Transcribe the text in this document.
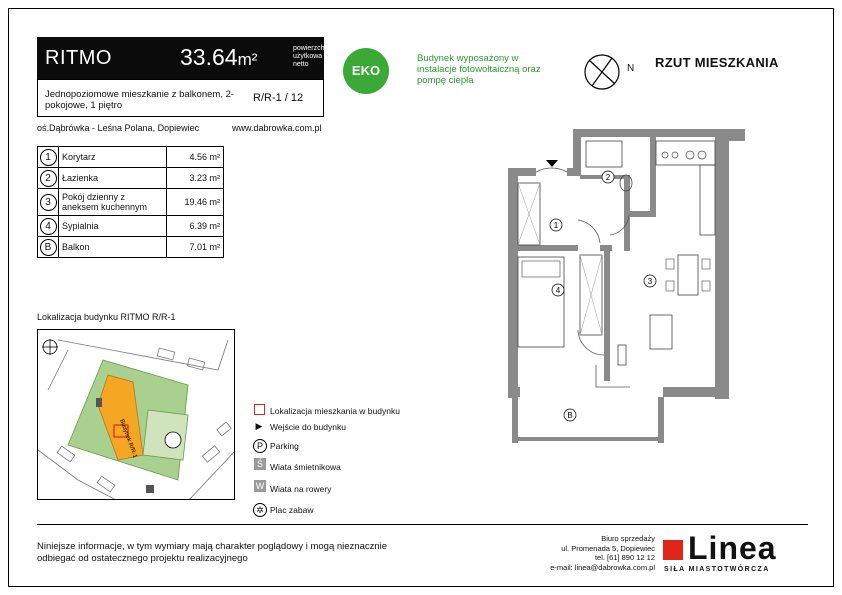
RITMO	33.64m²
powierzchnia użytkowa netto
Jednopoziomowe mieszkanie z balkonem, 2-pokojowe, 1 piętro
R/R-1 / 12
oś.Dąbrówka - Leśna Polana, Dopiewiec	www.dabrowka.com.pl
1	Korytarz	4.56 m²
2	Łazienka	3.23 m²
3	Pokój dzienny z aneksem kuchennym	19.46 m²
4	Sypialnia	6.39 m²
B	Balkon	7.01 m²
EKO
Budynek wyposażony w instalacje fotowoltaiczną oraz pompę ciepła
N RZUT MIESZKANIA
1
2
3
4
B
Lokalizacja budynku RITMO R/R-1
Budynek R/R-1
Lokalizacja mieszkania w budynku
▶ Wejście do budynku
P Parking
Ś Wiata śmietnikowa
W Wiata na rowery
✲ Plac zabaw
Niniejsze informacje, w tym wymiary mają charakter poglądowy i mogą nieznacznie odbiegać od ostatecznego projektu realizacyjnego
Biuro sprzedaży
ul. Promenada 5, Dopiewiec
tel. [61] 890 12 12
e-mail: linea@dabrowka.com.pl
Linea
SIŁA MIASTOTWÓRCZA
